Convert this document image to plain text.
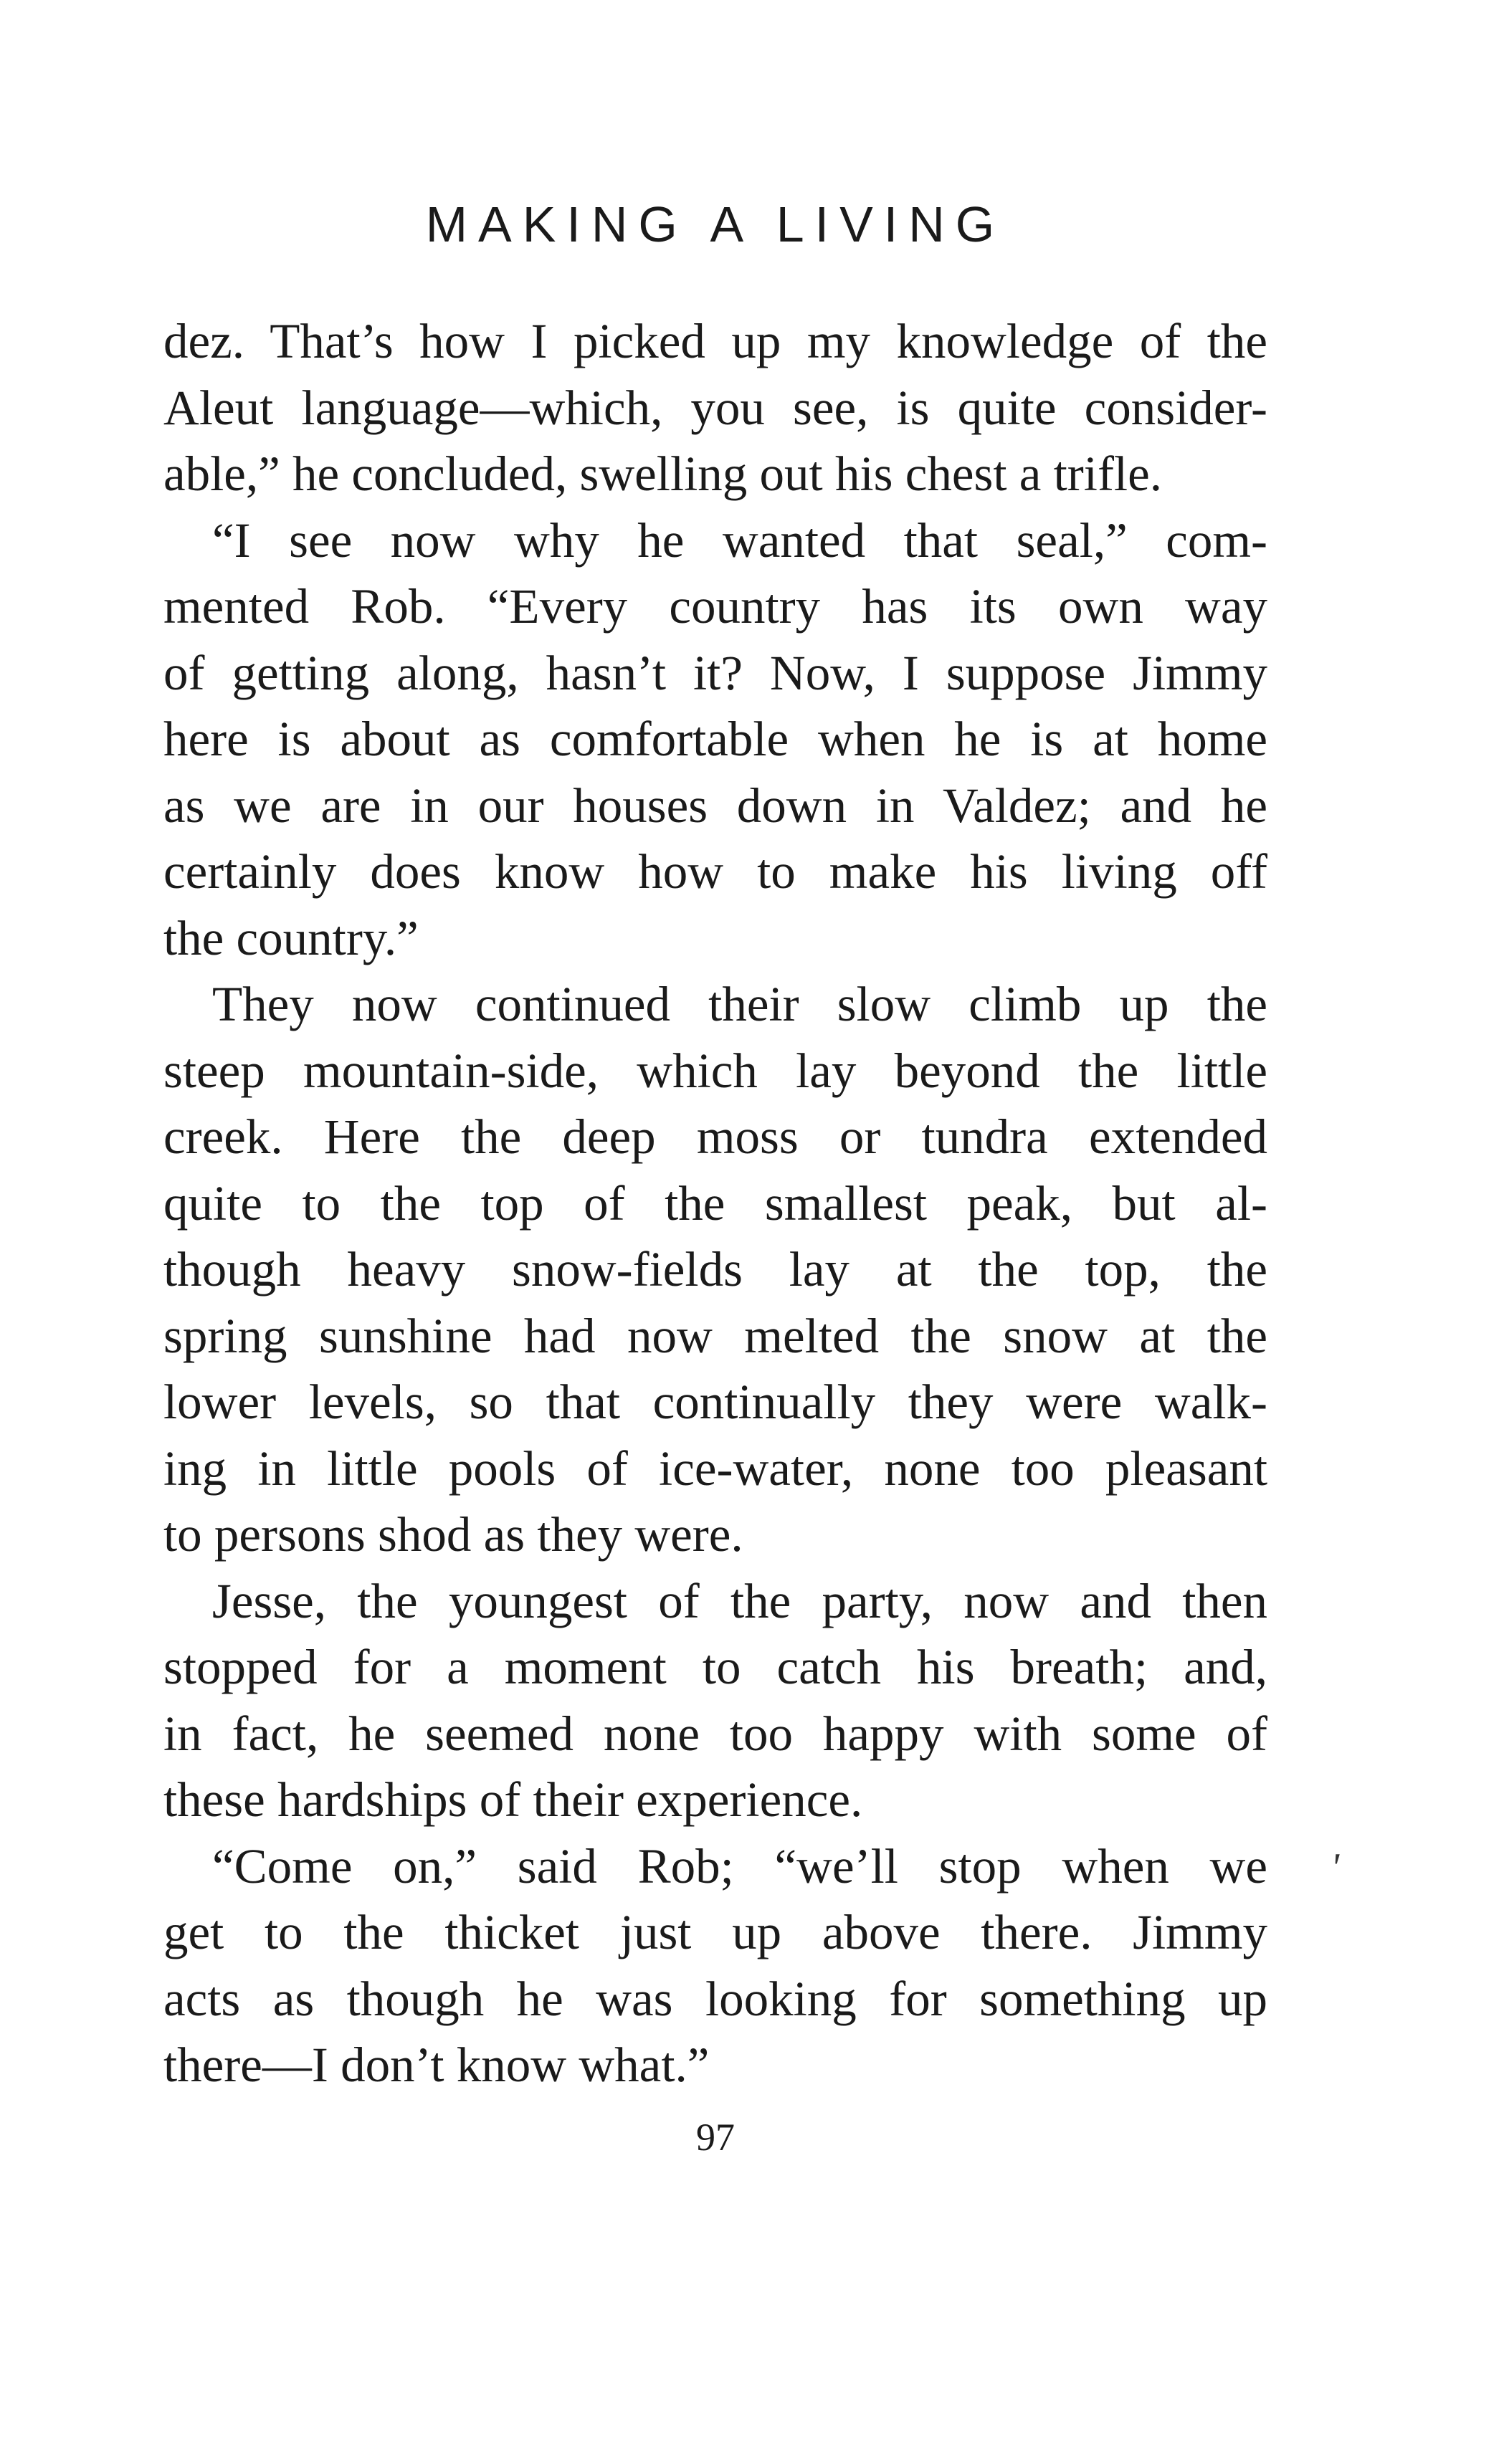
MAKING A LIVING

dez. That’s how I picked up my knowledge of the
Aleut language—which, you see, is quite consider-
able,” he concluded, swelling out his chest a trifle.

“I see now why he wanted that seal,” com-
mented Rob. “Every country has its own way
of getting along, hasn’t it? Now, I suppose Jimmy
here is about as comfortable when he is at home
as we are in our houses down in Valdez; and he
certainly does know how to make his living off
the country.”

They now continued their slow climb up the
steep mountain-side, which lay beyond the little
creek. Here the deep moss or tundra extended
quite to the top of the smallest peak, but al-
though heavy snow-fields lay at the top, the
spring sunshine had now melted the snow at the
lower levels, so that continually they were walk-
ing in little pools of ice-water, none too pleasant
to persons shod as they were.

Jesse, the youngest of the party, now and then
stopped for a moment to catch his breath; and,
in fact, he seemed none too happy with some of
these hardships of their experience.

“Come on,” said Rob; “we’ll stop when we
get to the thicket just up above there. Jimmy
acts as though he was looking for something up
there—I don’t know what.”

97
'
